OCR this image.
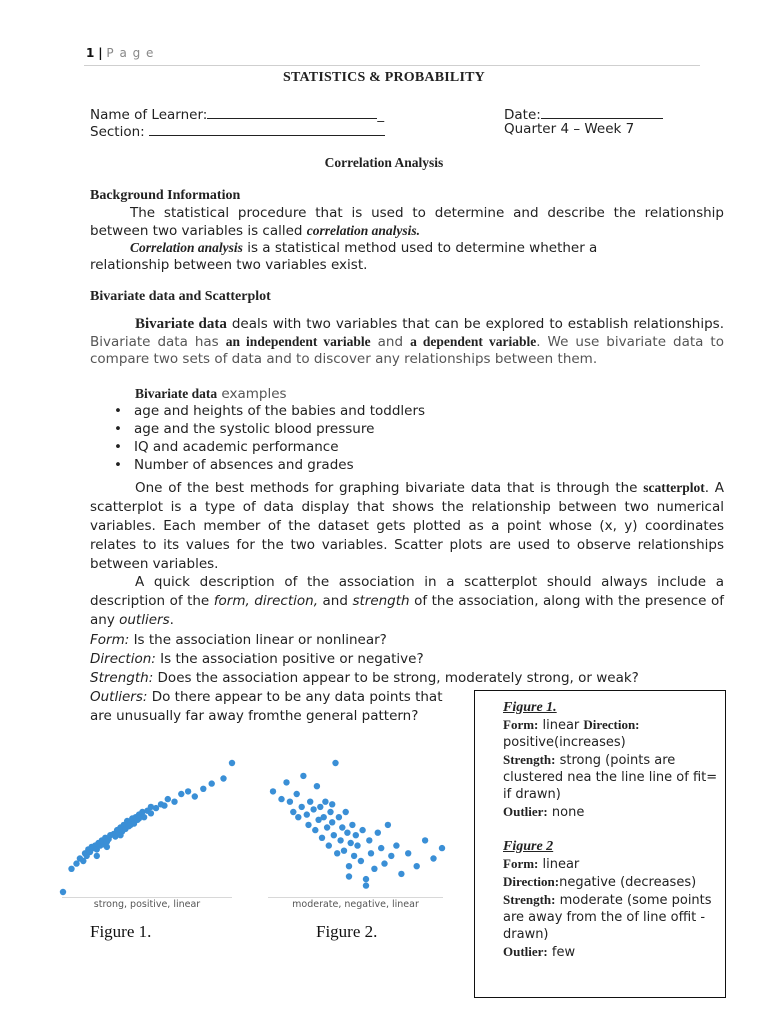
1 | P a g e
STATISTICS & PROBABILITY
Name of Learner:	_	Date:
Section:	Quarter 4 – Week 7
Correlation Analysis
Background Information
The statistical procedure that is used to determine and describe the relationship between two variables is called correlation analysis.
Correlation analysis is a statistical method used to determine whether a relationship between two variables exist.
Bivariate data and Scatterplot
Bivariate data deals with two variables that can be explored to establish relationships. Bivariate data has an independent variable and a dependent variable. We use bivariate data to compare two sets of data and to discover any relationships between them.
Bivariate data examples
• age and heights of the babies and toddlers
• age and the systolic blood pressure
• IQ and academic performance
• Number of absences and grades
One of the best methods for graphing bivariate data that is through the scatterplot. A scatterplot is a type of data display that shows the relationship between two numerical variables. Each member of the dataset gets plotted as a point whose (x, y) coordinates relates to its values for the two variables. Scatter plots are used to observe relationships between variables.
A quick description of the association in a scatterplot should always include a description of the form, direction, and strength of the association, along with the presence of any outliers.
Form: Is the association linear or nonlinear?
Direction: Is the association positive or negative?
Strength: Does the association appear to be strong, moderately strong, or weak?
Outliers: Do there appear to be any data points that are unusually far away fromthe general pattern?
Figure 1.
Form: linear Direction: positive(increases)
Strength: strong (points are clustered nea the line line of fit= if drawn)
Outlier: none
Figure 2
Form: linear
Direction:negative (decreases)
Strength: moderate (some points are away from the of line offit - drawn)
Outlier: few
strong, positive, linear	moderate, negative, linear
Figure 1.	Figure 2.
